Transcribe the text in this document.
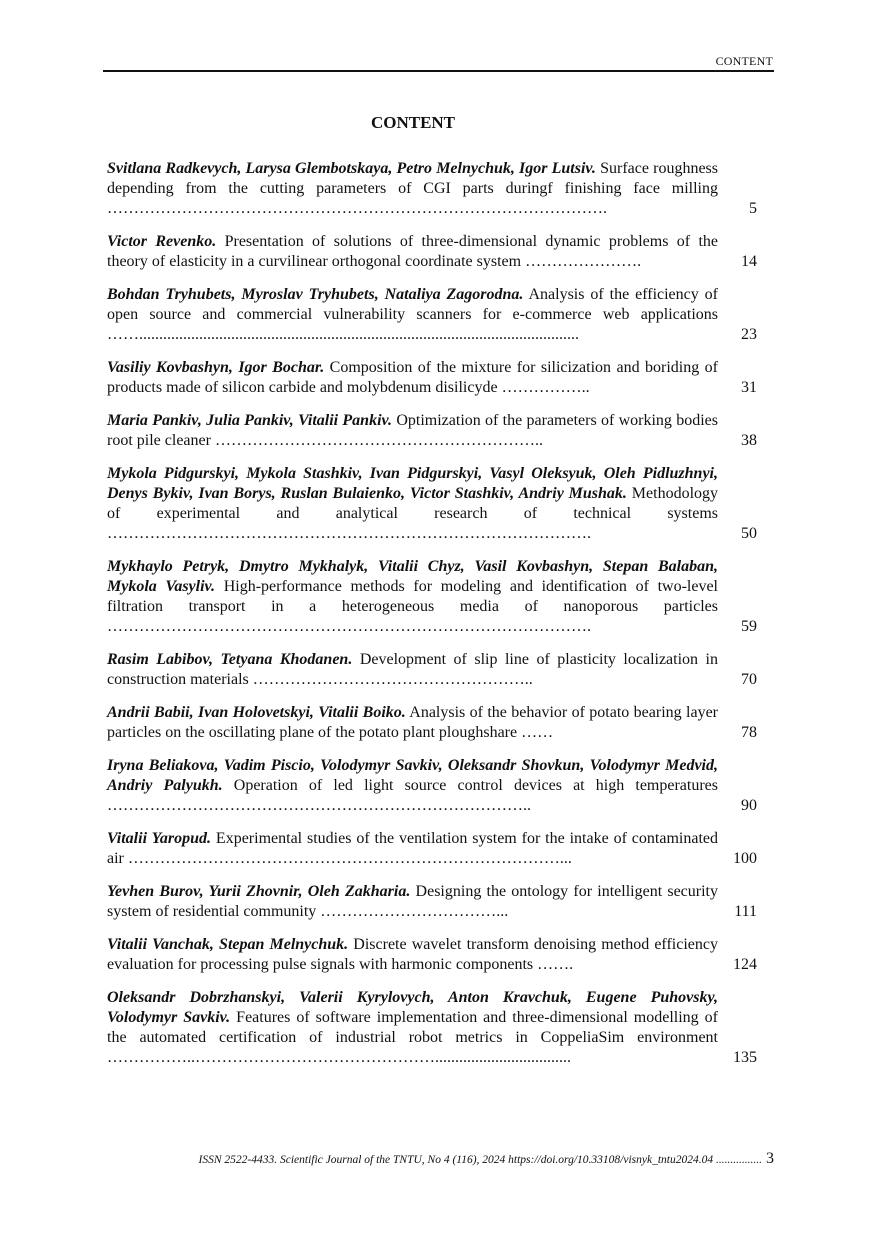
CONTENT
CONTENT
Svitlana Radkevych, Larysa Glembotskaya, Petro Melnychuk, Igor Lutsiv. Surface roughness depending from the cutting parameters of CGI parts duringf finishing face milling ………………………………………………………………………………….	5
Victor Revenko. Presentation of solutions of three-dimensional dynamic problems of the theory of elasticity in a curvilinear orthogonal coordinate system ………………….	14
Bohdan Tryhubets, Myroslav Tryhubets, Nataliya Zagorodna. Analysis of the efficiency of open source and commercial vulnerability scanners for e-commerce web applications ……..............................................................................................................	23
Vasiliy Kovbashyn, Igor Bochar. Composition of the mixture for silicization and boriding of products made of silicon carbide and molybdenum disilicyde ……………..	31
Maria Pankiv, Julia Pankiv, Vitalii Pankiv. Optimization of the parameters of working bodies root pile cleaner ……………………………………………………..	38
Mykola Pidgurskyi, Mykola Stashkiv, Ivan Pidgurskyi, Vasyl Oleksyuk, Oleh Pidluzhnyi, Denys Bykiv, Ivan Borys, Ruslan Bulaienko, Victor Stashkiv, Andriy Mushak. Methodology of experimental and analytical research of technical systems ……………………………………………………………………………….	50
Mykhaylo Petryk, Dmytro Mykhalyk, Vitalii Chyz, Vasil Kovbashyn, Stepan Balaban, Mykola Vasyliv. High-performance methods for modeling and identification of two-level filtration transport in a heterogeneous media of nanoporous particles ……………………………………………………………………………….	59
Rasim Labibov, Tetyana Khodanen. Development of slip line of plasticity localization in construction materials ……………………………………………..	70
Andrii Babii, Ivan Holovetskyi, Vitalii Boiko. Analysis of the behavior of potato bearing layer particles on the oscillating plane of the potato plant ploughshare ……	78
Iryna Beliakova, Vadim Piscio, Volodymyr Savkiv, Oleksandr Shovkun, Volodymyr Medvid, Andriy Palyukh. Operation of led light source control devices at high temperatures ……………………………………………………………………..	90
Vitalii Yaropud. Experimental studies of the ventilation system for the intake of contaminated air ………………………………………………………………………...	100
Yevhen Burov, Yurii Zhovnir, Oleh Zakharia. Designing the ontology for intelligent security system of residential community ……………………………...	111
Vitalii Vanchak, Stepan Melnychuk. Discrete wavelet transform denoising method efficiency evaluation for processing pulse signals with harmonic components …….	124
Oleksandr Dobrzhanskyi, Valerii Kyrylovych, Anton Kravchuk, Eugene Puhovsky, Volodymyr Savkiv. Features of software implementation and three-dimensional modelling of the automated certification of industrial robot metrics in CoppeliaSim environment ……………..………………………………………..................................	135
ISSN 2522-4433. Scientific Journal of the TNTU, No 4 (116), 2024 https://doi.org/10.33108/visnyk_tntu2024.04 ................ 3
